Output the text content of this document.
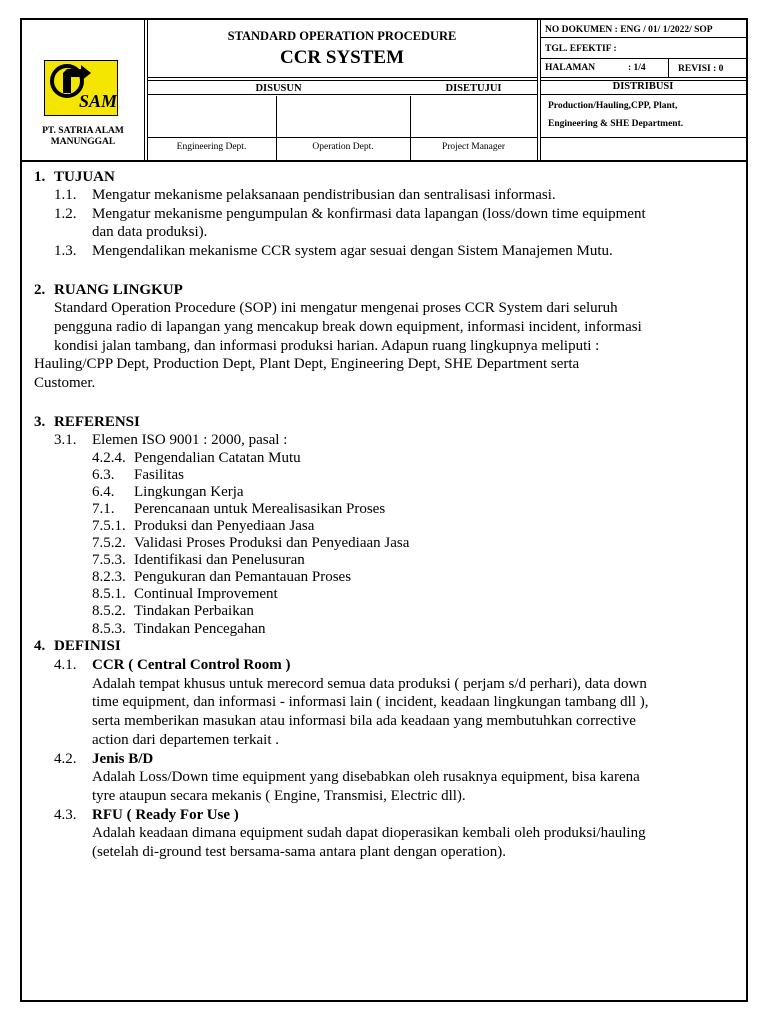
SAM
PT. SATRIA ALAM
MANUNGGAL
STANDARD OPERATION PROCEDURE
CCR SYSTEM
DISUSUN	DISETUJUI
Engineering Dept.	Operation Dept.	Project Manager
NO DOKUMEN : ENG / 01/ 1/2022/ SOP
TGL. EFEKTIF :
HALAMAN	: 1/4	REVISI : 0
DISTRIBUSI
Production/Hauling,CPP, Plant,
Engineering & SHE Department.
1. TUJUAN
1.1. Mengatur mekanisme pelaksanaan pendistribusian dan sentralisasi informasi.
1.2. Mengatur mekanisme pengumpulan & konfirmasi data lapangan (loss/down time equipment
dan data produksi).
1.3. Mengendalikan mekanisme CCR system agar sesuai dengan Sistem Manajemen Mutu.
2. RUANG LINGKUP
Standard Operation Procedure (SOP) ini mengatur mengenai proses CCR System dari seluruh
pengguna radio di lapangan yang mencakup break down equipment, informasi incident, informasi
kondisi jalan tambang, dan informasi produksi harian. Adapun ruang lingkupnya meliputi :
Hauling/CPP Dept, Production Dept, Plant Dept, Engineering Dept, SHE Department serta
Customer.
3. REFERENSI
3.1. Elemen ISO 9001 : 2000, pasal :
4.2.4. Pengendalian Catatan Mutu
6.3. Fasilitas
6.4. Lingkungan Kerja
7.1. Perencanaan untuk Merealisasikan Proses
7.5.1. Produksi dan Penyediaan Jasa
7.5.2. Validasi Proses Produksi dan Penyediaan Jasa
7.5.3. Identifikasi dan Penelusuran
8.2.3. Pengukuran dan Pemantauan Proses
8.5.1. Continual Improvement
8.5.2. Tindakan Perbaikan
8.5.3. Tindakan Pencegahan
4. DEFINISI
4.1. CCR ( Central Control Room )
Adalah tempat khusus untuk merecord semua data produksi ( perjam s/d perhari), data down
time equipment, dan informasi - informasi lain ( incident, keadaan lingkungan tambang dll ),
serta memberikan masukan atau informasi bila ada keadaan yang membutuhkan corrective
action dari departemen terkait .
4.2. Jenis B/D
Adalah Loss/Down time equipment yang disebabkan oleh rusaknya equipment, bisa karena
tyre ataupun secara mekanis ( Engine, Transmisi, Electric dll).
4.3. RFU ( Ready For Use )
Adalah keadaan dimana equipment sudah dapat dioperasikan kembali oleh produksi/hauling
(setelah di-ground test bersama-sama antara plant dengan operation).
